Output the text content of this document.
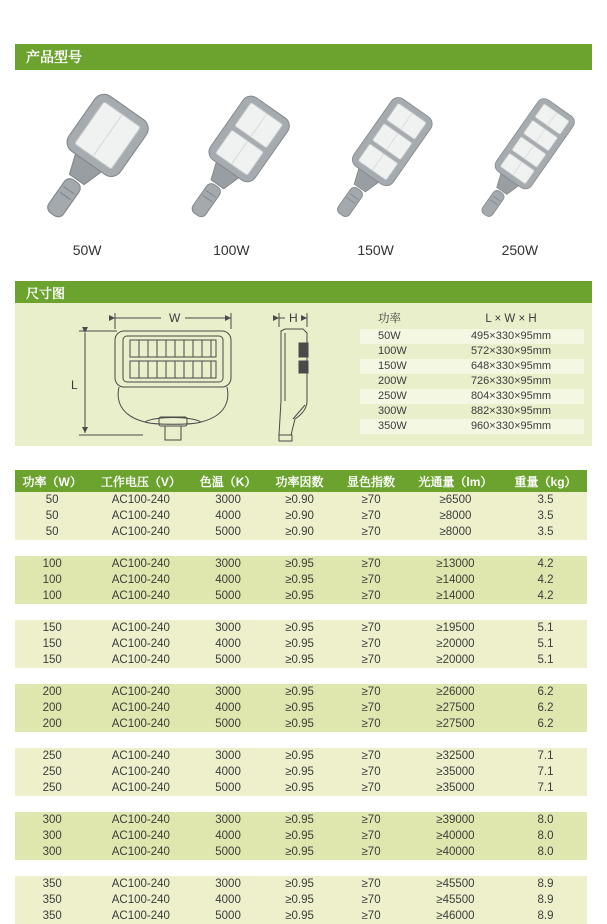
产品型号
50W	100W	150W	250W
尺寸图
W
L
H	功率	L × W × H
50W	495×330×95mm
100W	572×330×95mm
150W	648×330×95mm
200W	726×330×95mm
250W	804×330×95mm
300W	882×330×95mm
350W	960×330×95mm
功率（W）	工作电压（V）	色温（K）	功率因数	显色指数	光通量（lm）	重量（kg）
50	AC100-240	3000	≥0.90	≥70	≥6500	3.5
50	AC100-240	4000	≥0.90	≥70	≥8000	3.5
50	AC100-240	5000	≥0.90	≥70	≥8000	3.5

100	AC100-240	3000	≥0.95	≥70	≥13000	4.2
100	AC100-240	4000	≥0.95	≥70	≥14000	4.2
100	AC100-240	5000	≥0.95	≥70	≥14000	4.2

150	AC100-240	3000	≥0.95	≥70	≥19500	5.1
150	AC100-240	4000	≥0.95	≥70	≥20000	5.1
150	AC100-240	5000	≥0.95	≥70	≥20000	5.1

200	AC100-240	3000	≥0.95	≥70	≥26000	6.2
200	AC100-240	4000	≥0.95	≥70	≥27500	6.2
200	AC100-240	5000	≥0.95	≥70	≥27500	6.2

250	AC100-240	3000	≥0.95	≥70	≥32500	7.1
250	AC100-240	4000	≥0.95	≥70	≥35000	7.1
250	AC100-240	5000	≥0.95	≥70	≥35000	7.1

300	AC100-240	3000	≥0.95	≥70	≥39000	8.0
300	AC100-240	4000	≥0.95	≥70	≥40000	8.0
300	AC100-240	5000	≥0.95	≥70	≥40000	8.0

350	AC100-240	3000	≥0.95	≥70	≥45500	8.9
350	AC100-240	4000	≥0.95	≥70	≥45500	8.9
350	AC100-240	5000	≥0.95	≥70	≥46000	8.9
